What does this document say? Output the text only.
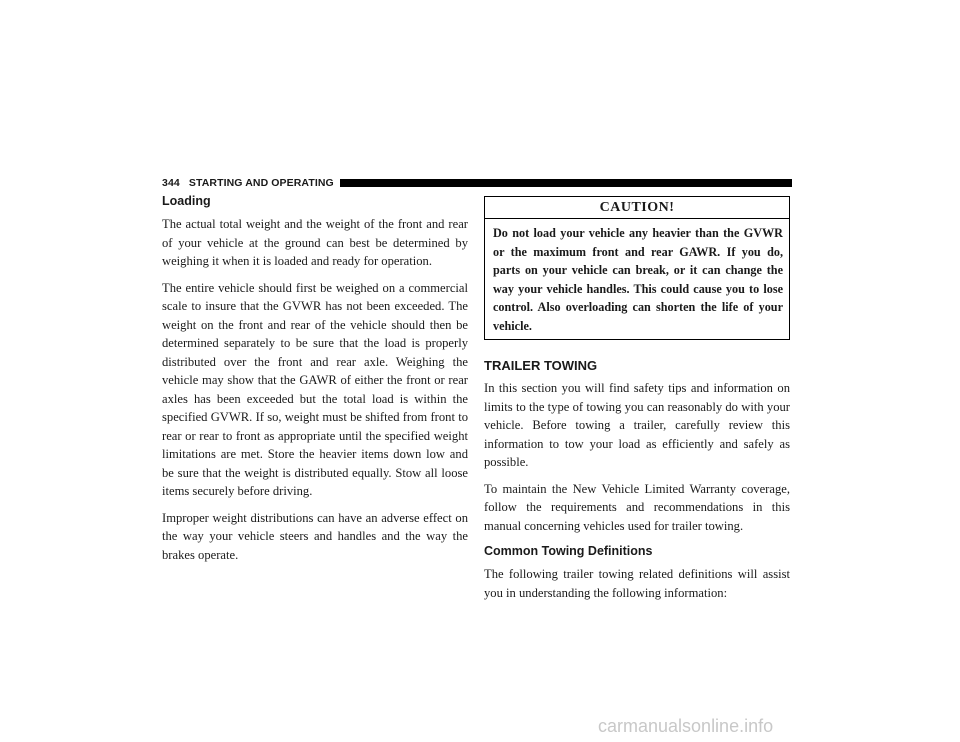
344 STARTING AND OPERATING
Loading

The actual total weight and the weight of the front and rear of your vehicle at the ground can best be determined by weighing it when it is loaded and ready for operation.

The entire vehicle should first be weighed on a commercial scale to insure that the GVWR has not been exceeded. The weight on the front and rear of the vehicle should then be determined separately to be sure that the load is properly distributed over the front and rear axle. Weighing the vehicle may show that the GAWR of either the front or rear axles has been exceeded but the total load is within the specified GVWR. If so, weight must be shifted from front to rear or rear to front as appropriate until the specified weight limitations are met. Store the heavier items down low and be sure that the weight is distributed equally. Stow all loose items securely before driving.

Improper weight distributions can have an adverse effect on the way your vehicle steers and handles and the way the brakes operate.

CAUTION!
Do not load your vehicle any heavier than the GVWR or the maximum front and rear GAWR. If you do, parts on your vehicle can break, or it can change the way your vehicle handles. This could cause you to lose control. Also overloading can shorten the life of your vehicle.
TRAILER TOWING

In this section you will find safety tips and information on limits to the type of towing you can reasonably do with your vehicle. Before towing a trailer, carefully review this information to tow your load as efficiently and safely as possible.

To maintain the New Vehicle Limited Warranty coverage, follow the requirements and recommendations in this manual concerning vehicles used for trailer towing.

Common Towing Definitions

The following trailer towing related definitions will assist you in understanding the following information:

carmanualsonline.info
